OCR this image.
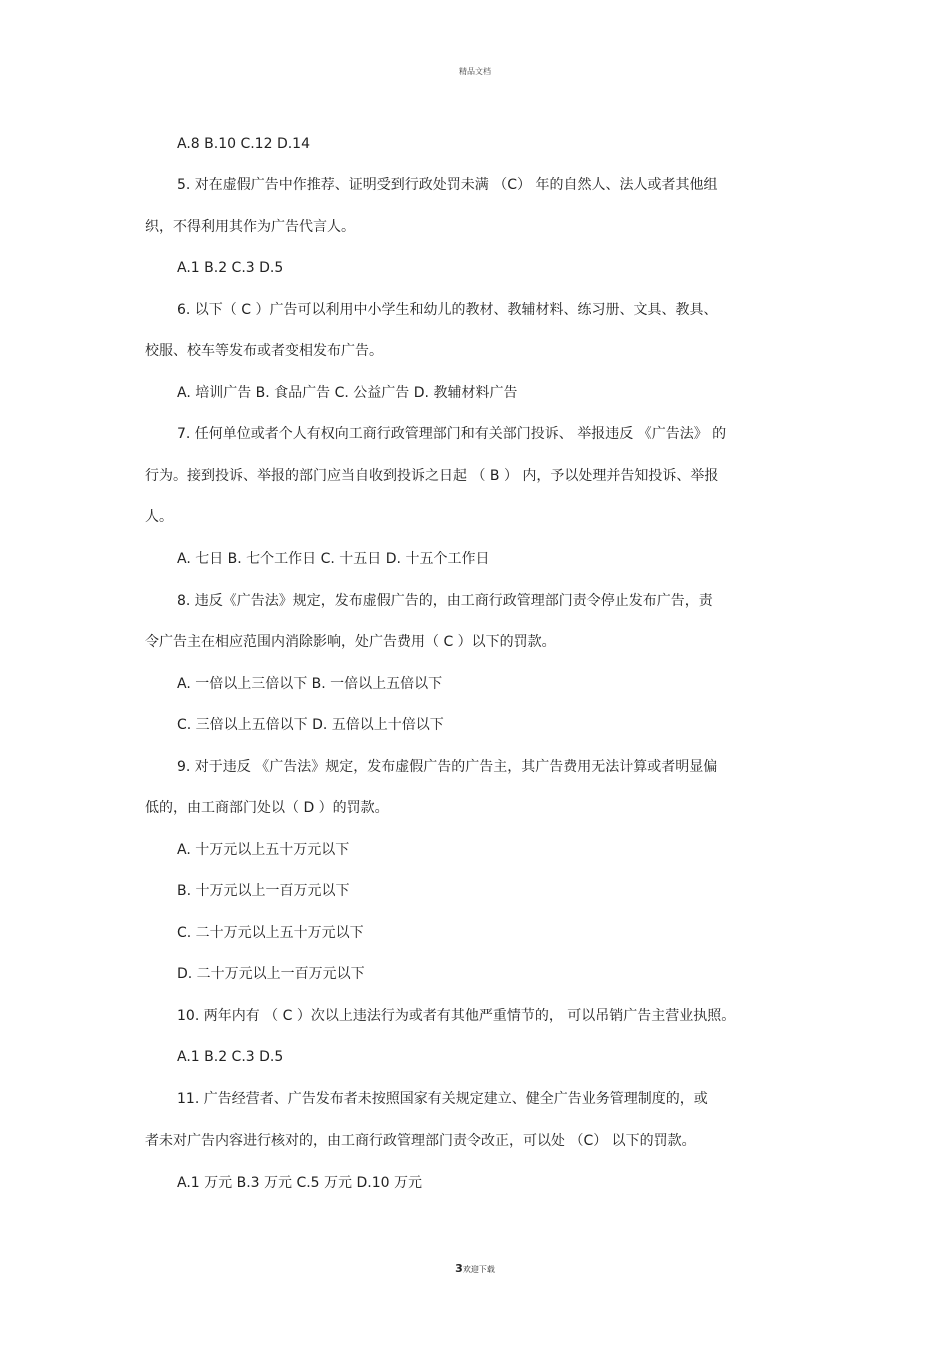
精品文档
A.8 B.10 C.12 D.14
5. 对在虚假广告中作推荐、证明受到行政处罚未满 （C） 年的自然人、法人或者其他组
织，不得利用其作为广告代言人。
A.1 B.2 C.3 D.5
6. 以下（ C ）广告可以利用中小学生和幼儿的教材、教辅材料、练习册、文具、教具、
校服、校车等发布或者变相发布广告。
A. 培训广告 B. 食品广告 C. 公益广告 D. 教辅材料广告
7. 任何单位或者个人有权向工商行政管理部门和有关部门投诉、 举报违反 《广告法》 的
行为。接到投诉、举报的部门应当自收到投诉之日起 （ B ） 内，予以处理并告知投诉、举报
人。
A. 七日 B. 七个工作日 C. 十五日 D. 十五个工作日
8. 违反《广告法》规定，发布虚假广告的，由工商行政管理部门责令停止发布广告，责
令广告主在相应范围内消除影响，处广告费用（ C ）以下的罚款。
A. 一倍以上三倍以下 B. 一倍以上五倍以下
C. 三倍以上五倍以下 D. 五倍以上十倍以下
9. 对于违反 《广告法》规定，发布虚假广告的广告主，其广告费用无法计算或者明显偏
低的，由工商部门处以（ D ）的罚款。
A. 十万元以上五十万元以下
B. 十万元以上一百万元以下
C. 二十万元以上五十万元以下
D. 二十万元以上一百万元以下
10. 两年内有 （ C ）次以上违法行为或者有其他严重情节的， 可以吊销广告主营业执照。
A.1 B.2 C.3 D.5
11. 广告经营者、广告发布者未按照国家有关规定建立、健全广告业务管理制度的，或
者未对广告内容进行核对的，由工商行政管理部门责令改正，可以处 （C） 以下的罚款。
A.1 万元 B.3 万元 C.5 万元 D.10 万元
3欢迎下载
